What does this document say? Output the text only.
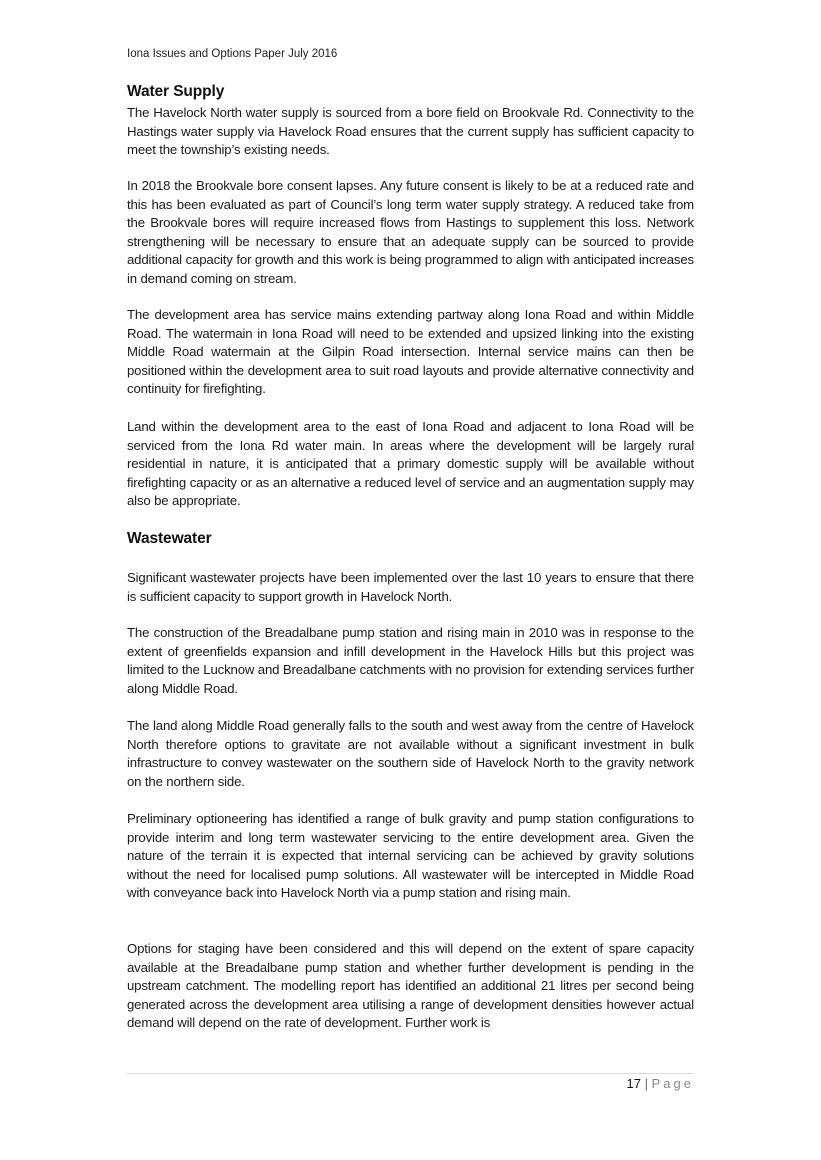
Iona Issues and Options Paper July 2016
Water Supply

The Havelock North water supply is sourced from a bore field on Brookvale Rd. Connectivity to the Hastings water supply via Havelock Road ensures that the current supply has sufficient capacity to meet the township’s existing needs.

In 2018 the Brookvale bore consent lapses. Any future consent is likely to be at a reduced rate and this has been evaluated as part of Council’s long term water supply strategy. A reduced take from the Brookvale bores will require increased flows from Hastings to supplement this loss. Network strengthening will be necessary to ensure that an adequate supply can be sourced to provide additional capacity for growth and this work is being programmed to align with anticipated increases in demand coming on stream.

The development area has service mains extending partway along Iona Road and within Middle Road. The watermain in Iona Road will need to be extended and upsized linking into the existing Middle Road watermain at the Gilpin Road intersection. Internal service mains can then be positioned within the development area to suit road layouts and provide alternative connectivity and continuity for firefighting.

Land within the development area to the east of Iona Road and adjacent to Iona Road will be serviced from the Iona Rd water main. In areas where the development will be largely rural residential in nature, it is anticipated that a primary domestic supply will be available without firefighting capacity or as an alternative a reduced level of service and an augmentation supply may also be appropriate.

Wastewater

Significant wastewater projects have been implemented over the last 10 years to ensure that there is sufficient capacity to support growth in Havelock North.

The construction of the Breadalbane pump station and rising main in 2010 was in response to the extent of greenfields expansion and infill development in the Havelock Hills but this project was limited to the Lucknow and Breadalbane catchments with no provision for extending services further along Middle Road.

The land along Middle Road generally falls to the south and west away from the centre of Havelock North therefore options to gravitate are not available without a significant investment in bulk infrastructure to convey wastewater on the southern side of Havelock North to the gravity network on the northern side.

Preliminary optioneering has identified a range of bulk gravity and pump station configurations to provide interim and long term wastewater servicing to the entire development area. Given the nature of the terrain it is expected that internal servicing can be achieved by gravity solutions without the need for localised pump solutions. All wastewater will be intercepted in Middle Road with conveyance back into Havelock North via a pump station and rising main.

Options for staging have been considered and this will depend on the extent of spare capacity available at the Breadalbane pump station and whether further development is pending in the upstream catchment. The modelling report has identified an additional 21 litres per second being generated across the development area utilising a range of development densities however actual demand will depend on the rate of development. Further work is

17 | Page
